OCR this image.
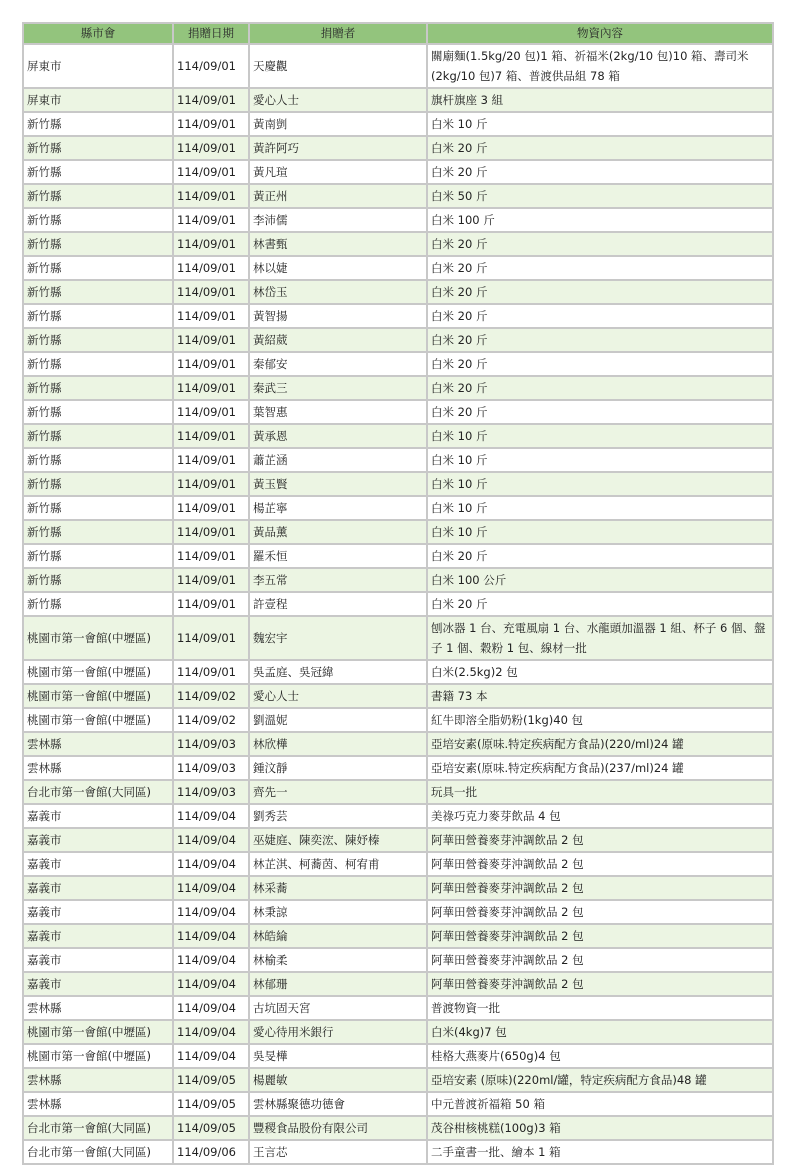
縣市會	捐贈日期	捐贈者	物資內容
屏東市	114/09/01	天慶觀	關廟麵(1.5kg/20 包)1 箱、祈福米(2kg/10 包)10 箱、壽司米(2kg/10 包)7 箱、普渡供品組 78 箱
屏東市	114/09/01	愛心人士	旗杆旗座 3 組
新竹縣	114/09/01	黃南剴	白米 10 斤
新竹縣	114/09/01	黃許阿巧	白米 20 斤
新竹縣	114/09/01	黃凡瑄	白米 20 斤
新竹縣	114/09/01	黃正州	白米 50 斤
新竹縣	114/09/01	李沛儒	白米 100 斤
新竹縣	114/09/01	林書甄	白米 20 斤
新竹縣	114/09/01	林以婕	白米 20 斤
新竹縣	114/09/01	林岱玉	白米 20 斤
新竹縣	114/09/01	黃智揚	白米 20 斤
新竹縣	114/09/01	黃紹葳	白米 20 斤
新竹縣	114/09/01	秦郁安	白米 20 斤
新竹縣	114/09/01	秦武三	白米 20 斤
新竹縣	114/09/01	葉智惠	白米 20 斤
新竹縣	114/09/01	黃承恩	白米 10 斤
新竹縣	114/09/01	蕭芷涵	白米 10 斤
新竹縣	114/09/01	黃玉賢	白米 10 斤
新竹縣	114/09/01	楊芷寧	白米 10 斤
新竹縣	114/09/01	黃品薰	白米 10 斤
新竹縣	114/09/01	羅禾恒	白米 20 斤
新竹縣	114/09/01	李五常	白米 100 公斤
新竹縣	114/09/01	許壹程	白米 20 斤
桃園市第一會館(中壢區)	114/09/01	魏宏宇	刨冰器 1 台、充電風扇 1 台、水龍頭加溫器 1 組、杯子 6 個、盤子 1 個、穀粉 1 包、線材一批
桃園市第一會館(中壢區)	114/09/01	吳孟庭、吳冠緯	白米(2.5kg)2 包
桃園市第一會館(中壢區)	114/09/02	愛心人士	書籍 73 本
桃園市第一會館(中壢區)	114/09/02	劉溫妮	紅牛即溶全脂奶粉(1kg)40 包
雲林縣	114/09/03	林欣樺	亞培安素(原味.特定疾病配方食品)(220/ml)24 罐
雲林縣	114/09/03	鍾汶靜	亞培安素(原味.特定疾病配方食品)(237/ml)24 罐
台北市第一會館(大同區)	114/09/03	齊先一	玩具一批
嘉義市	114/09/04	劉秀芸	美祿巧克力麥芽飲品 4 包
嘉義市	114/09/04	巫婕庭、陳奕浤、陳妤榛	阿華田營養麥芽沖調飲品 2 包
嘉義市	114/09/04	林芷淇、柯蕎茵、柯宥甫	阿華田營養麥芽沖調飲品 2 包
嘉義市	114/09/04	林采蕎	阿華田營養麥芽沖調飲品 2 包
嘉義市	114/09/04	林秉諒	阿華田營養麥芽沖調飲品 2 包
嘉義市	114/09/04	林皓綸	阿華田營養麥芽沖調飲品 2 包
嘉義市	114/09/04	林榆柔	阿華田營養麥芽沖調飲品 2 包
嘉義市	114/09/04	林郁珊	阿華田營養麥芽沖調飲品 2 包
雲林縣	114/09/04	古坑固天宮	普渡物資一批
桃園市第一會館(中壢區)	114/09/04	愛心待用米銀行	白米(4kg)7 包
桃園市第一會館(中壢區)	114/09/04	吳旻樺	桂格大燕麥片(650g)4 包
雲林縣	114/09/05	楊麗敏	亞培安素 (原味)(220ml/罐，特定疾病配方食品)48 罐
雲林縣	114/09/05	雲林縣聚德功德會	中元普渡祈福箱 50 箱
台北市第一會館(大同區)	114/09/05	豐稷食品股份有限公司	茂谷柑核桃糕(100g)3 箱
台北市第一會館(大同區)	114/09/06	王言芯	二手童書一批、繪本 1 箱
